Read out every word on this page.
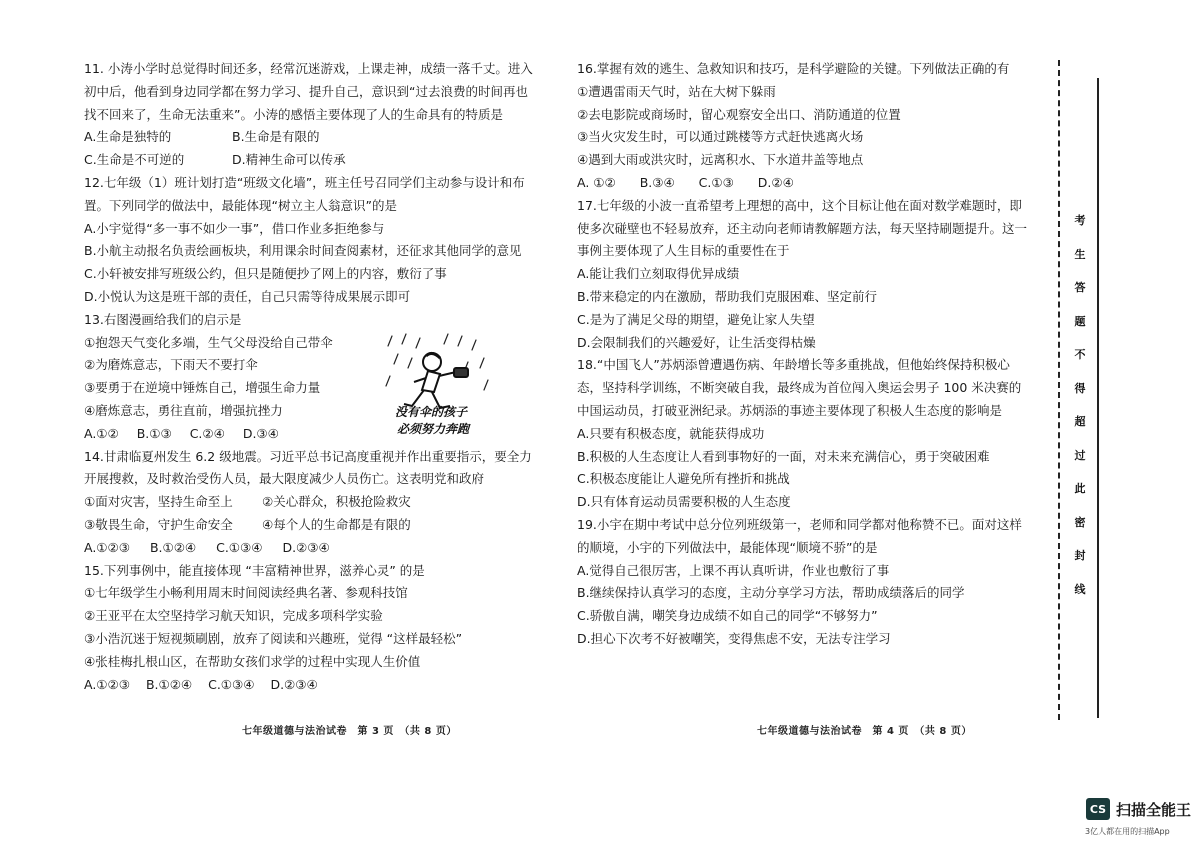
11. 小涛小学时总觉得时间还多，经常沉迷游戏，上课走神，成绩一落千丈。进入

初中后，他看到身边同学都在努力学习、提升自己，意识到“过去浪费的时间再也

找不回来了，生命无法重来”。小涛的感悟主要体现了人的生命具有的特质是

A.生命是独特的	B.生命是有限的
C.生命是不可逆的	D.精神生命可以传承

12.七年级（1）班计划打造“班级文化墙”，班主任号召同学们主动参与设计和布

置。下列同学的做法中，最能体现“树立主人翁意识”的是

A.小宇觉得“多一事不如少一事”，借口作业多拒绝参与

B.小航主动报名负责绘画板块，利用课余时间查阅素材，还征求其他同学的意见

C.小轩被安排写班级公约，但只是随便抄了网上的内容，敷衍了事

D.小悦认为这是班干部的责任，自己只需等待成果展示即可

13.右图漫画给我们的启示是

①抱怨天气变化多端，生气父母没给自己带伞

②为磨炼意志，下雨天不要打伞

③要勇于在逆境中锤炼自己，增强生命力量

④磨炼意志，勇往直前，增强抗挫力

A.①② B.①③ C.②④ D.③④

14.甘肃临夏州发生 6.2 级地震。习近平总书记高度重视并作出重要指示，要全力

开展搜救，及时救治受伤人员，最大限度减少人员伤亡。这表明党和政府

①面对灾害，坚持生命至上	②关心群众，积极抢险救灾
③敬畏生命，守护生命安全	④每个人的生命都是有限的
A.①②③ B.①②④ C.①③④ D.②③④

15.下列事例中，能直接体现 “丰富精神世界，滋养心灵” 的是

①七年级学生小畅利用周末时间阅读经典名著、参观科技馆

②王亚平在太空坚持学习航天知识，完成多项科学实验

③小浩沉迷于短视频刷剧，放弃了阅读和兴趣班，觉得 “这样最轻松”

④张桂梅扎根山区，在帮助女孩们求学的过程中实现人生价值

A.①②③ B.①②④ C.①③④ D.②③④
没有伞的孩子
必须努力奔跑

16.掌握有效的逃生、急救知识和技巧，是科学避险的关键。下列做法正确的有

①遭遇雷雨天气时，站在大树下躲雨

②去电影院或商场时，留心观察安全出口、消防通道的位置

③当火灾发生时，可以通过跳楼等方式赶快逃离火场

④遇到大雨或洪灾时，远离积水、下水道井盖等地点

A. ①② B.③④ C.①③ D.②④

17.七年级的小波一直希望考上理想的高中，这个目标让他在面对数学难题时，即

使多次碰壁也不轻易放弃，还主动向老师请教解题方法，每天坚持刷题提升。这一

事例主要体现了人生目标的重要性在于

A.能让我们立刻取得优异成绩

B.带来稳定的内在激励，帮助我们克服困难、坚定前行

C.是为了满足父母的期望，避免让家人失望

D.会限制我们的兴趣爱好，让生活变得枯燥

18.“中国飞人”苏炳添曾遭遇伤病、年龄增长等多重挑战，但他始终保持积极心

态，坚持科学训练，不断突破自我，最终成为首位闯入奥运会男子 100 米决赛的

中国运动员，打破亚洲纪录。苏炳添的事迹主要体现了积极人生态度的影响是

A.只要有积极态度，就能获得成功

B.积极的人生态度让人看到事物好的一面，对未来充满信心，勇于突破困难

C.积极态度能让人避免所有挫折和挑战

D.只有体育运动员需要积极的人生态度

19.小宇在期中考试中总分位列班级第一，老师和同学都对他称赞不已。面对这样

的顺境，小宇的下列做法中，最能体现“顺境不骄”的是

A.觉得自己很厉害，上课不再认真听讲，作业也敷衍了事

B.继续保持认真学习的态度，主动分享学习方法，帮助成绩落后的同学

C.骄傲自满，嘲笑身边成绩不如自己的同学“不够努力”

D.担心下次考不好被嘲笑，变得焦虑不安，无法专注学习

七年级道德与法治试卷　第 3 页　（共 8 页）	七年级道德与法治试卷　第 4 页　（共 8 页）
考
生
答
题
不
得
超
过
此
密
封
线
CS 扫描全能王
3亿人都在用的扫描App
